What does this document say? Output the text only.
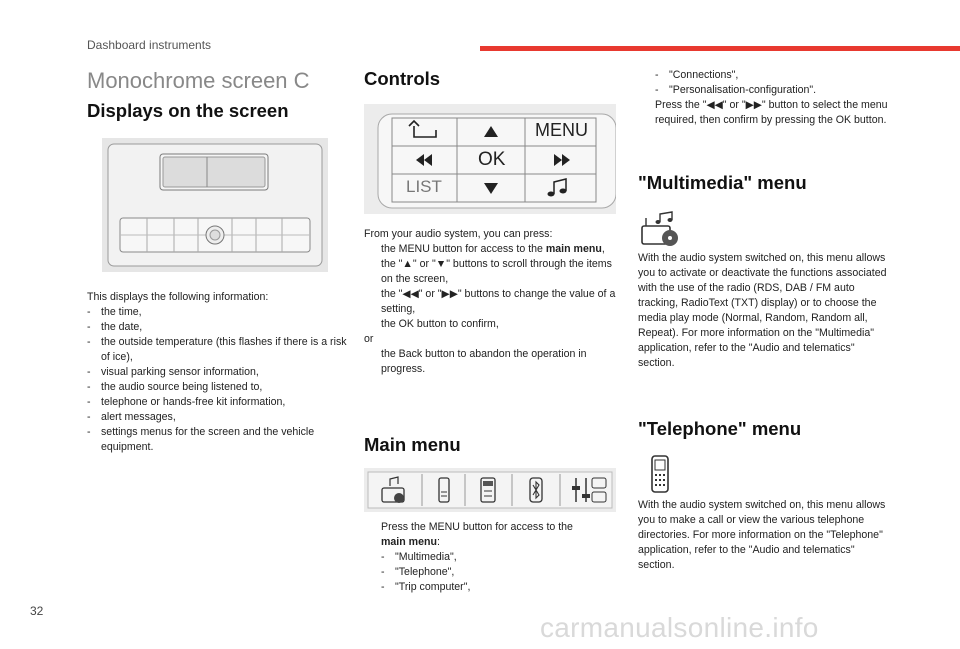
Dashboard instruments
Monochrome screen C
Displays on the screen
This displays the following information:
- the time,
- the date,
- the outside temperature (this flashes if there is a risk of ice),
- visual parking sensor information,
- the audio source being listened to,
- telephone or hands-free kit information,
- alert messages,
- settings menus for the screen and the vehicle equipment.
Controls
MENU
OK
LIST
From your audio system, you can press:
the MENU button for access to the main menu,
the "▲" or "▼" buttons to scroll through the items on the screen,
the "◀◀" or "▶▶" buttons to change the value of a setting,
the OK button to confirm,
or
the Back button to abandon the operation in progress.
Main menu
Press the MENU button for access to the
main menu:
- "Multimedia",
- "Telephone",
- "Trip computer",
- "Connections",
- "Personalisation-configuration".
Press the "◀◀" or "▶▶" button to select the menu required, then confirm by pressing the OK button.
"Multimedia" menu
With the audio system switched on, this menu allows you to activate or deactivate the functions associated with the use of the radio (RDS, DAB / FM auto tracking, RadioText (TXT) display) or to choose the media play mode (Normal, Random, Random all, Repeat). For more information on the "Multimedia" application, refer to the "Audio and telematics" section.
"Telephone" menu
With the audio system switched on, this menu allows you to make a call or view the various telephone directories. For more information on the "Telephone" application, refer to the "Audio and telematics" section.
32
carmanualsonline.info
